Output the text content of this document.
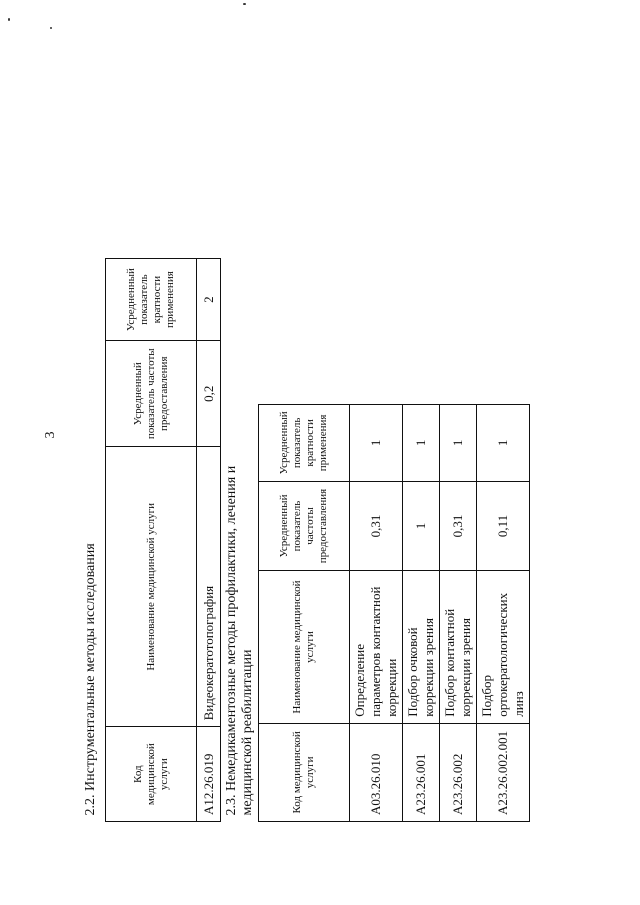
3
2.2. Инструментальные методы исследования			
Код медицинской услуги	Наименование медицинской услуги	Усредненный показатель частоты предоставления	Усредненный показатель кратности применения
A12.26.019	Видеокератотопография	0,2	2
2.3. Немедикаментозные методы профилактики, лечения и медицинской реабилитации			
Код медицинской услуги	Наименование медицинской услуги	Усредненный показатель частоты предоставления	Усредненный показатель кратности применения
A03.26.010	Определение параметров контактной коррекции	0,31	1
A23.26.001	Подбор очковой коррекции зрения	1	1
A23.26.002	Подбор контактной коррекции зрения	0,31	1
A23.26.002.001	Подбор ортокератологических линз	0,11	1
